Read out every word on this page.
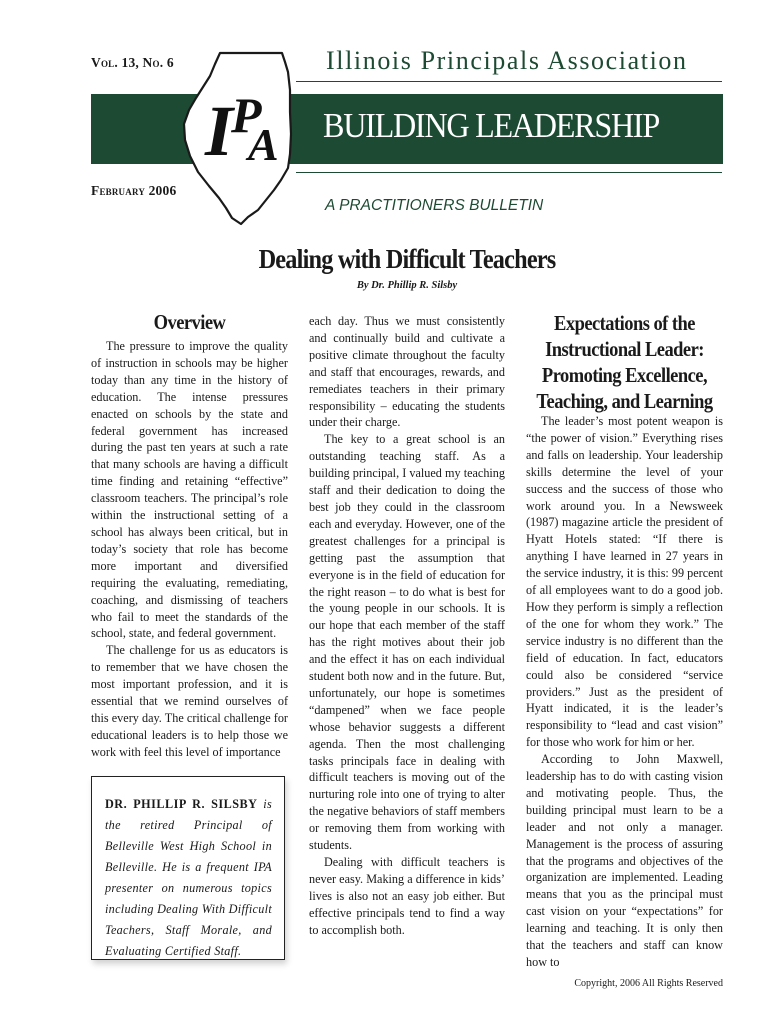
Vol. 13, No. 6	Illinois Principals Association
BUILDING LEADERSHIP
February 2006
A PRACTITIONERS BULLETIN
I
P
A
Dealing with Difficult Teachers
By Dr. Phillip R. Silsby
Overview

The pressure to improve the quality of instruction in schools may be higher today than any time in the history of education. The intense pressures enacted on schools by the state and federal government has increased during the past ten years at such a rate that many schools are having a difficult time finding and retaining “effective” classroom teachers. The principal’s role within the instructional setting of a school has always been critical, but in today’s society that role has become more important and diversified requiring the evaluating, remediating, coaching, and dismissing of teachers who fail to meet the standards of the school, state, and federal government.

The challenge for us as educators is to remember that we have chosen the most important profession, and it is essential that we remind ourselves of this every day. The critical challenge for educational leaders is to help those we work with feel this level of importance

DR. PHILLIP R. SILSBY is the retired Principal of Belleville West High School in Belleville. He is a frequent IPA presenter on numerous topics including Dealing With Difficult Teachers, Staff Morale, and Evaluating Certified Staff.

each day. Thus we must consistently and continually build and cultivate a positive climate throughout the faculty and staff that encourages, rewards, and remediates teachers in their primary responsibility – educating the students under their charge.

The key to a great school is an outstanding teaching staff. As a building principal, I valued my teaching staff and their dedication to doing the best job they could in the classroom each and everyday. However, one of the greatest challenges for a principal is getting past the assumption that everyone is in the field of education for the right reason – to do what is best for the young people in our schools. It is our hope that each member of the staff has the right motives about their job and the effect it has on each individual student both now and in the future. But, unfortunately, our hope is sometimes “dampened” when we face people whose behavior suggests a different agenda. Then the most challenging tasks principals face in dealing with difficult teachers is moving out of the nurturing role into one of trying to alter the negative behaviors of staff members or removing them from working with students.

Dealing with difficult teachers is never easy. Making a difference in kids’ lives is also not an easy job either. But effective principals tend to find a way to accomplish both.

Expectations of the
Instructional Leader:
Promoting Excellence,
Teaching, and Learning

The leader’s most potent weapon is “the power of vision.” Everything rises and falls on leadership. Your leadership skills determine the level of your success and the success of those who work around you. In a Newsweek (1987) magazine article the president of Hyatt Hotels stated: “If there is anything I have learned in 27 years in the service industry, it is this: 99 percent of all employees want to do a good job. How they perform is simply a reflection of the one for whom they work.” The service industry is no different than the field of education. In fact, educators could also be considered “service providers.” Just as the president of Hyatt indicated, it is the leader’s responsibility to “lead and cast vision” for those who work for him or her.

According to John Maxwell, leadership has to do with casting vision and motivating people. Thus, the building principal must learn to be a leader and not only a manager. Management is the process of assuring that the programs and objectives of the organization are implemented. Leading means that you as the principal must cast vision on your “expectations” for learning and teaching. It is only then that the teachers and staff can know how to

Copyright, 2006 All Rights Reserved
